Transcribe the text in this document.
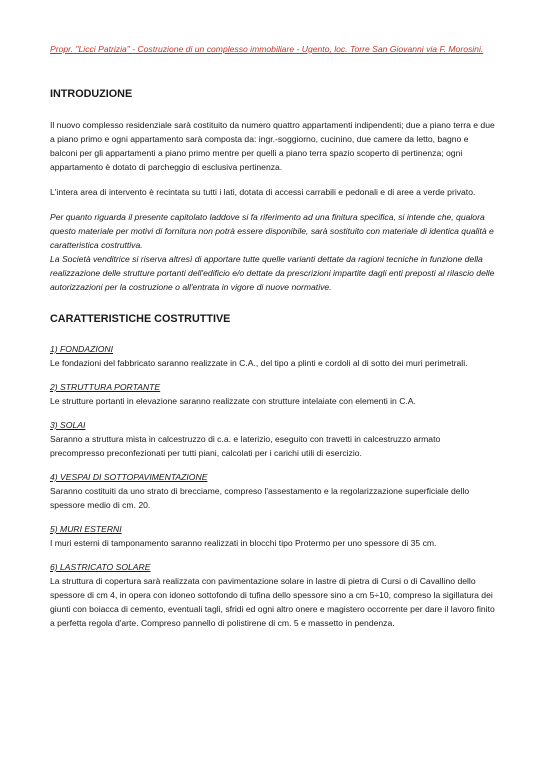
Propr. "Licci Patrizia" - Costruzione di un complesso immobiliare - Ugento, loc. Torre San Giovanni via F. Morosini.
INTRODUZIONE

Il nuovo complesso residenziale sarà costituito da numero quattro appartamenti indipendenti; due a piano terra e due a piano primo e ogni appartamento sarà composta da: ingr.-soggiorno, cucinino, due camere da letto, bagno e balconi per gli appartamenti a piano primo mentre per quelli a piano terra spazio scoperto di pertinenza; ogni appartamento è dotato di parcheggio di esclusiva pertinenza.

L'intera area di intervento è recintata su tutti i lati, dotata di accessi carrabili e pedonali e di aree a verde privato.

Per quanto riguarda il presente capitolato laddove si fa riferimento ad una finitura specifica, si intende che, qualora questo materiale per motivi di fornitura non potrà essere disponibile, sarà sostituito con materiale di identica qualità e caratteristica costruttiva.

La Società venditrice si riserva altresì di apportare tutte quelle varianti dettate da ragioni tecniche in funzione della realizzazione delle strutture portanti dell'edificio e/o dettate da prescrizioni impartite dagli enti preposti al rilascio delle autorizzazioni per la costruzione o all'entrata in vigore di nuove normative.

CARATTERISTICHE COSTRUTTIVE
1) FONDAZIONI

Le fondazioni del fabbricato saranno realizzate in C.A., del tipo a plinti e cordoli al di sotto dei muri perimetrali.

2) STRUTTURA PORTANTE

Le strutture portanti in elevazione saranno realizzate con strutture intelaiate con elementi in C.A.

3) SOLAI

Saranno a struttura mista in calcestruzzo di c.a. e laterizio, eseguito con travetti in calcestruzzo armato precompresso preconfezionati per tutti piani, calcolati per i carichi utili di esercizio.

4) VESPAI DI SOTTOPAVIMENTAZIONE

Saranno costituiti da uno strato di brecciame, compreso l'assestamento e la regolarizzazione superficiale dello spessore medio di cm. 20.

5) MURI ESTERNI

I muri esterni di tamponamento saranno realizzati in blocchi tipo Protermo per uno spessore di 35 cm.

6) LASTRICATO SOLARE

La struttura di copertura sarà realizzata con pavimentazione solare in lastre di pietra di Cursi o di Cavallino dello spessore di cm 4, in opera con idoneo sottofondo di tufina dello spessore sino a cm 5÷10, compreso la sigillatura dei giunti con boiacca di cemento, eventuali tagli, sfridi ed ogni altro onere e magistero occorrente per dare il lavoro finito a perfetta regola d'arte. Compreso pannello di polistirene di cm. 5 e massetto in pendenza.
